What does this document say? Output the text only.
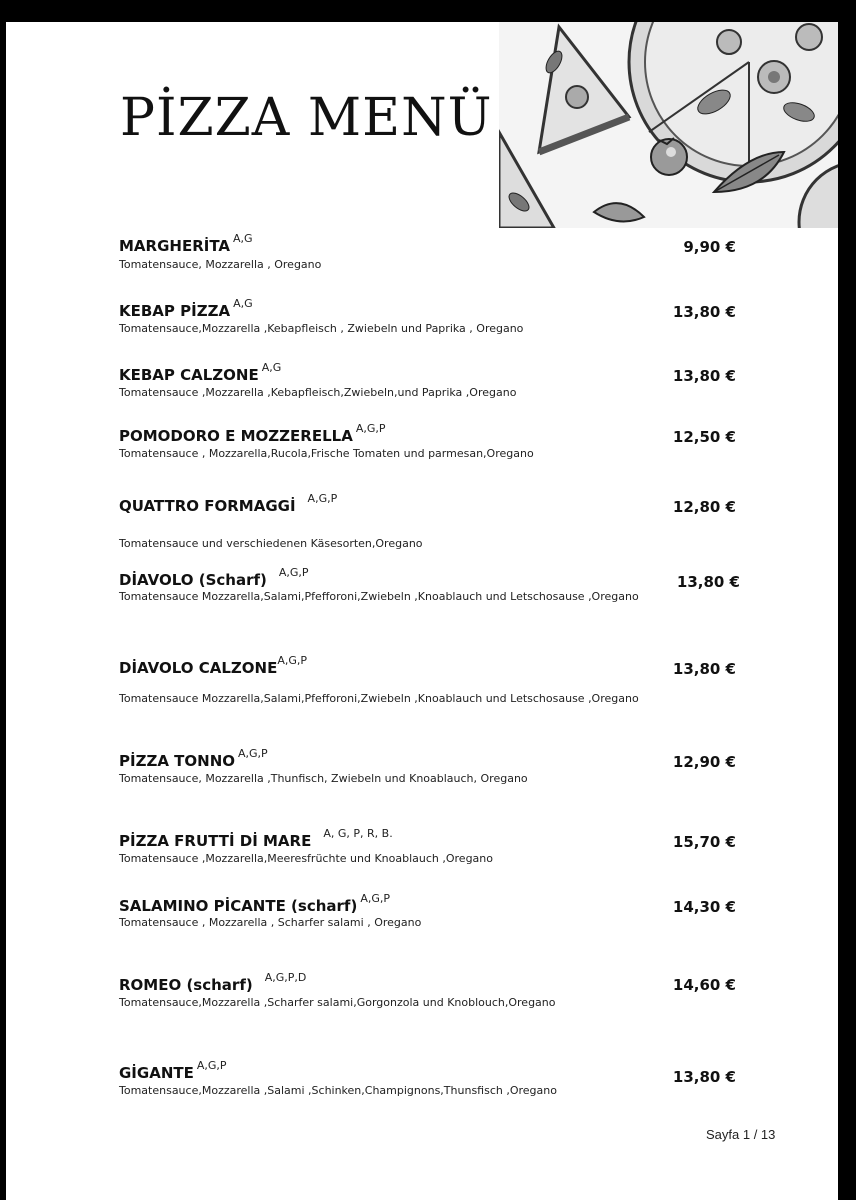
PİZZA MENÜ
MARGHERİTA $^{A,G}$
Tomatensauce, Mozzarella , Oregano
9,90 €
KEBAP PİZZA $^{A,G}$
Tomatensauce,Mozzarella ,Kebapfleisch , Zwiebeln und Paprika , Oregano
13,80 €
KEBAP CALZONE $^{A,G}$
Tomatensauce ,Mozzarella ,Kebapfleisch,Zwiebeln,und Paprika ,Oregano
13,80 €
POMODORO E MOZZERELLA $^{A,G,P}$
Tomatensauce , Mozzarella,Rucola,Frische Tomaten und parmesan,Oregano
12,50 €
QUATTRO FORMAGGİ $^{A,G,P}$
Tomatensauce und verschiedenen Käsesorten,Oregano
12,80 €
DİAVOLO (Scharf) $^{A,G,P}$
Tomatensauce Mozzarella,Salami,Pfefforoni,Zwiebeln ,Knoablauch und Letschosause ,Oregano
13,80 €
DİAVOLO $CALZONE^{A,G,P}$
Tomatensauce Mozzarella,Salami,Pfefforoni,Zwiebeln ,Knoablauch und Letschosause ,Oregano
13,80 €
PİZZA TONNO $^{A,G,P}$
Tomatensauce, Mozzarella ,Thunfisch, Zwiebeln und Knoablauch, Oregano
12,90 €
PİZZA FRUTTİ Dİ MARE $^{A, G, P, R, B.}$
Tomatensauce ,Mozzarella,Meeresfrüchte und Knoablauch ,Oregano
15,70 €
SALAMINO PİCANTE (scharf) $^{A,G,P}$
Tomatensauce , Mozzarella , Scharfer salami , Oregano
14,30 €
ROMEO (scharf) $^{A,G,P,D}$
Tomatensauce,Mozzarella ,Scharfer salami,Gorgonzola und Knoblouch,Oregano
14,60 €
GİGANTE $^{A,G,P}$
Tomatensauce,Mozzarella ,Salami ,Schinken,Champignons,Thunsfisch ,Oregano
13,80 €
Sayfa 1 / 13
